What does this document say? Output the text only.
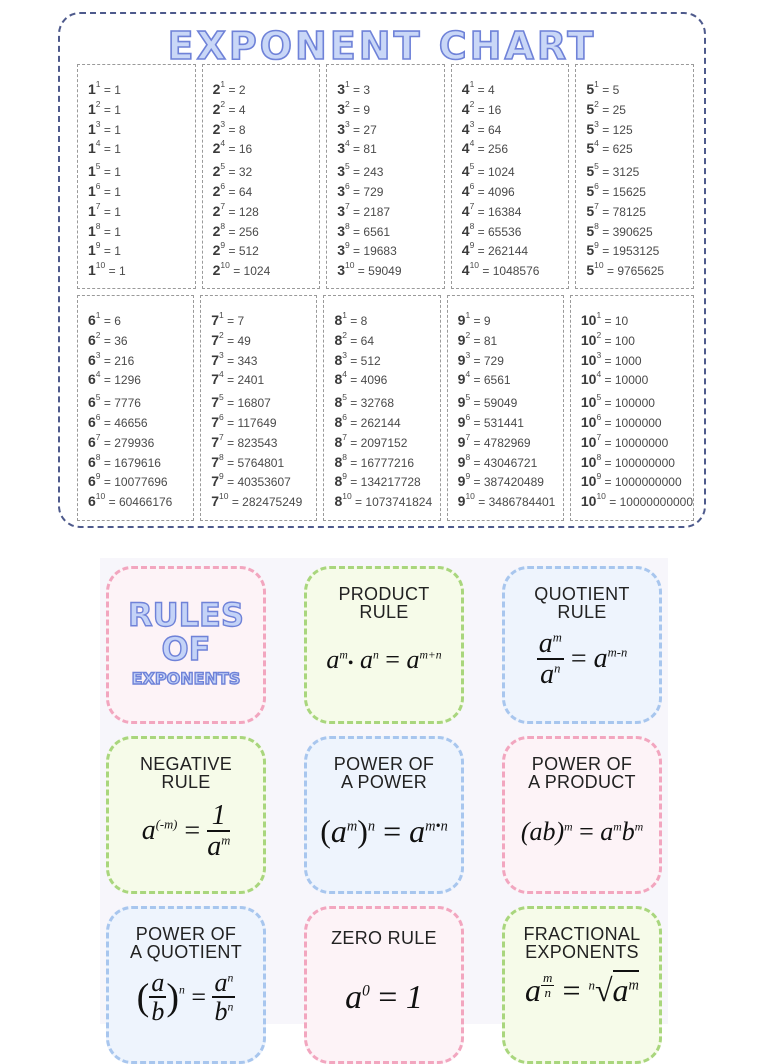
EXPONENT CHART
$1^1 = 1$
$1^2 = 1$
$1^3 = 1$
$1^4 = 1$
$1^5 = 1$
$1^6 = 1$
$1^7 = 1$
$1^8 = 1$
$1^9 = 1$
$1^{10} = 1$
$2^1 = 2$
$2^2 = 4$
$2^3 = 8$
$2^4 = 16$
$2^5 = 32$
$2^6 = 64$
$2^7 = 128$
$2^8 = 256$
$2^9 = 512$
$2^{10} = 1024$
$3^1 = 3$
$3^2 = 9$
$3^3 = 27$
$3^4 = 81$
$3^5 = 243$
$3^6 = 729$
$3^7 = 2187$
$3^8 = 6561$
$3^9 = 19683$
$3^{10} = 59049$
$4^1 = 4$
$4^2 = 16$
$4^3 = 64$
$4^4 = 256$
$4^5 = 1024$
$4^6 = 4096$
$4^7 = 16384$
$4^8 = 65536$
$4^9 = 262144$
$4^{10} = 1048576$
$5^1 = 5$
$5^2 = 25$
$5^3 = 125$
$5^4 = 625$
$5^5 = 3125$
$5^6 = 15625$
$5^7 = 78125$
$5^8 = 390625$
$5^9 = 1953125$
$5^{10} = 9765625$
$6^1 = 6$
$6^2 = 36$
$6^3 = 216$
$6^4 = 1296$
$6^5 = 7776$
$6^6 = 46656$
$6^7 = 279936$
$6^8 = 1679616$
$6^9 = 10077696$
$6^{10} = 60466176$
$7^1 = 7$
$7^2 = 49$
$7^3 = 343$
$7^4 = 2401$
$7^5 = 16807$
$7^6 = 117649$
$7^7 = 823543$
$7^8 = 5764801$
$7^9 = 40353607$
$7^{10} = 282475249$
$8^1 = 8$
$8^2 = 64$
$8^3 = 512$
$8^4 = 4096$
$8^5 = 32768$
$8^6 = 262144$
$8^7 = 2097152$
$8^8 = 16777216$
$8^9 = 134217728$
$8^{10} = 1073741824$
$9^1 = 9$
$9^2 = 81$
$9^3 = 729$
$9^4 = 6561$
$9^5 = 59049$
$9^6 = 531441$
$9^7 = 4782969$
$9^8 = 43046721$
$9^9 = 387420489$
$9^{10} = 3486784401$
$10^1 = 10$
$10^2 = 100$
$10^3 = 1000$
$10^4 = 10000$
$10^5 = 100000$
$10^6 = 1000000$
$10^7 = 10000000$
$10^8 = 100000000$
$10^9 = 1000000000$
$10^{10} = 10000000000$
RULES
OF
EXPONENTS
PRODUCT
RULE
$a^m•$ $a^n = a^{m+n}$
QUOTIENT
RULE
$\frac{a^m}{a^n} = a^{m-n}$
NEGATIVE
RULE
$a^{(-m)} = \frac{1}{a^m}$
POWER OF
A POWER
$(a^m)^n = a^{m•n}$
POWER OF
A PRODUCT
$(ab)^m = a^mb^m$
POWER OF
A QUOTIENT
( $\frac{a}{b} )^n = \frac{a^n}{b^n}$
ZERO RULE
$a^0 = 1$
FRACTIONAL
EXPONENTS
a $^{\frac{m}{n}} = ^n√a^m$
